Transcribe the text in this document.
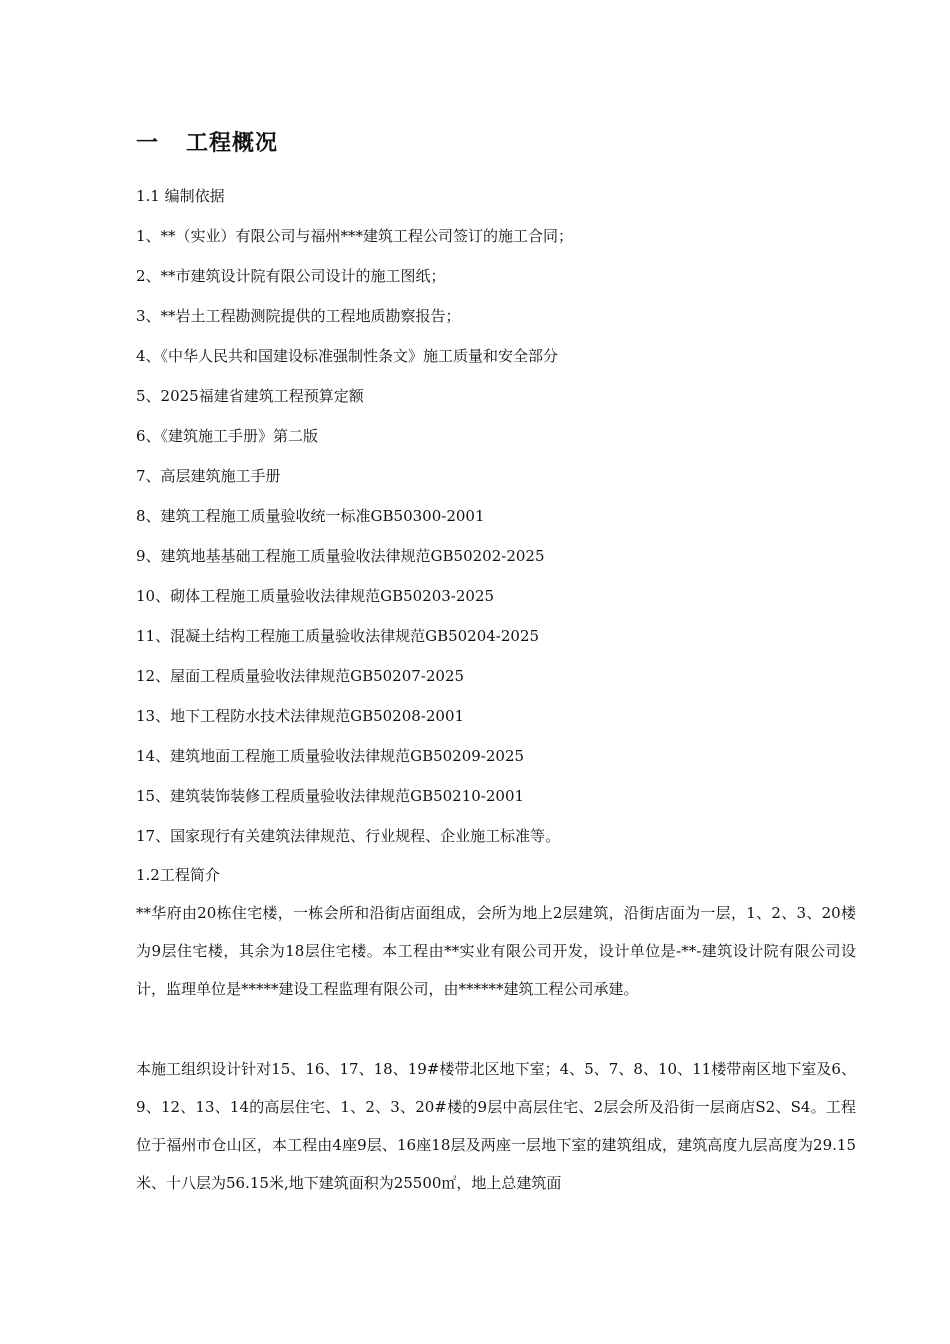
一 工程概况
1.1 编制依据
1、**（实业）有限公司与福州***建筑工程公司签订的施工合同；
2、**市建筑设计院有限公司设计的施工图纸；
3、**岩土工程勘测院提供的工程地质勘察报告；
4、《中华人民共和国建设标准强制性条文》施工质量和安全部分
5、2025福建省建筑工程预算定额
6、《建筑施工手册》第二版
7、高层建筑施工手册
8、建筑工程施工质量验收统一标准GB50300-2001
9、建筑地基基础工程施工质量验收法律规范GB50202-2025
10、砌体工程施工质量验收法律规范GB50203-2025
11、混凝土结构工程施工质量验收法律规范GB50204-2025
12、屋面工程质量验收法律规范GB50207-2025
13、地下工程防水技术法律规范GB50208-2001
14、建筑地面工程施工质量验收法律规范GB50209-2025
15、建筑装饰装修工程质量验收法律规范GB50210-2001
17、国家现行有关建筑法律规范、行业规程、企业施工标准等。
1.2工程简介
**华府由20栋住宅楼，一栋会所和沿街店面组成，会所为地上2层建筑，沿街店面为一层，1、2、3、20楼为9层住宅楼，其余为18层住宅楼。本工程由**实业有限公司开发，设计单位是-**-建筑设计院有限公司设计，监理单位是*****建设工程监理有限公司，由******建筑工程公司承建。
本施工组织设计针对15、16、17、18、19#楼带北区地下室；4、5、7、8、10、11楼带南区地下室及6、9、12、13、14的高层住宅、1、2、3、20#楼的9层中高层住宅、2层会所及沿街一层商店S2、S4。工程位于福州市仓山区，本工程由4座9层、16座18层及两座一层地下室的建筑组成，建筑高度九层高度为29.15米、十八层为56.15米,地下建筑面积为25500㎡，地上总建筑面
